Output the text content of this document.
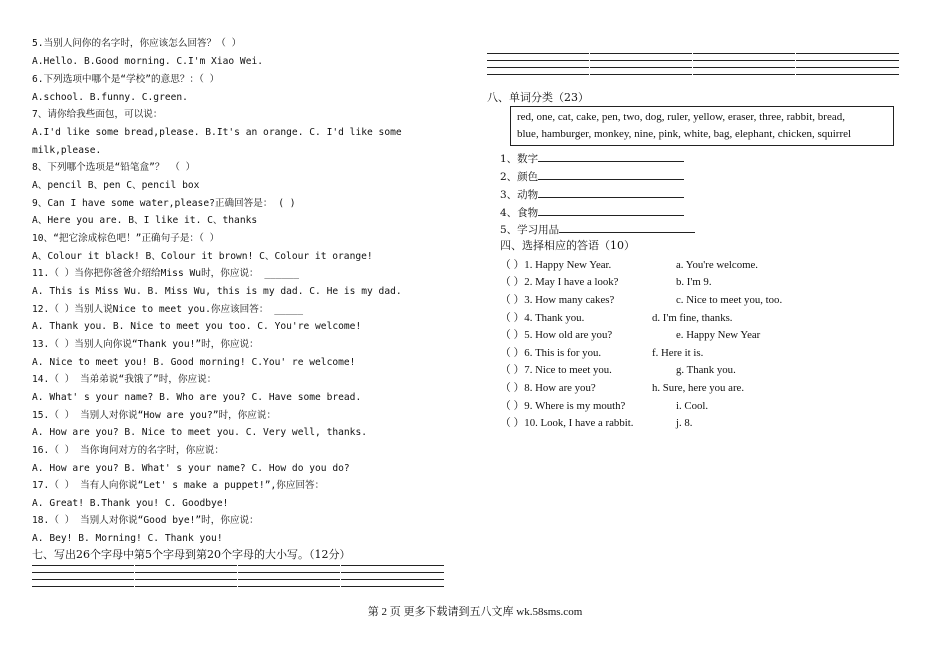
5.当别人问你的名字时，你应该怎么回答？（ ）
A.Hello. B.Good morning. C.I'm Xiao Wei.
6.下列选项中哪个是“学校”的意思？：（ ）
A.school. B.funny. C.green.
7、请你给我些面包，可以说：
A.I'd like some bread,please. B.It's an orange. C. I'd like some
milk,please.
8、下列哪个选项是“铅笔盒”？ （ ）
A、pencil B、pen C、pencil box
9、Can I have some water,please?正确回答是： ( )
A、Here you are. B、I like it. C、thanks
10、“把它涂成棕色吧！”正确句子是：（ ）
A、Colour it black! B、Colour it brown! C、Colour it orange!
11.（ ）当你把你爸爸介绍给Miss Wu时，你应说： ______
A. This is Miss Wu. B. Miss Wu, this is my dad. C. He is my dad.
12.（ ）当别人说Nice to meet you.你应该回答： _____
A. Thank you. B. Nice to meet you too. C. You're welcome!
13.（ ）当别人向你说“Thank you!”时，你应说：
A. Nice to meet you! B. Good morning! C.You' re welcome!
14.（ ） 当弟弟说“我饿了”时，你应说：
A. What' s your name? B. Who are you? C. Have some bread.
15.（ ） 当别人对你说“How are you?”时，你应说：
A. How are you? B. Nice to meet you. C. Very well, thanks.
16.（ ） 当你询问对方的名字时，你应说：
A. How are you? B. What' s your name? C. How do you do?
17.（ ） 当有人向你说“Let' s make a puppet!”,你应回答：
A. Great! B.Thank you! C. Goodbye!
18.（ ） 当别人对你说“Good bye!”时，你应说：
A. Bey! B. Morning! C. Thank you!
七、写出26个字母中第5个字母到第20个字母的大小写。（12分）
八、单词分类（23）
red, one, cat, cake, pen, two, dog, ruler, yellow, eraser, three, rabbit, bread,
blue, hamburger, monkey, nine, pink, white, bag, elephant, chicken, squirrel
1、数字
2、颜色
3、动物
4、食物
5、学习用品
四、选择相应的答语（10）
（ ）1. Happy New Year.
（ ）2. May I have a look?
（ ）3. How many cakes?
（ ）4. Thank you.
（ ）5. How old are you?
（ ）6. This is for you.
（ ）7. Nice to meet you.
（ ）8. How are you?
（ ）9. Where is my mouth?
（ ）10. Look, I have a rabbit.
a. You're welcome.
b. I'm 9.
c. Nice to meet you, too.
d. I'm fine, thanks.
e. Happy New Year
f. Here it is.
g. Thank you.
h. Sure, here you are.
i. Cool.
j. 8.
第 2 页 更多下载请到五八文库 wk.58sms.com
